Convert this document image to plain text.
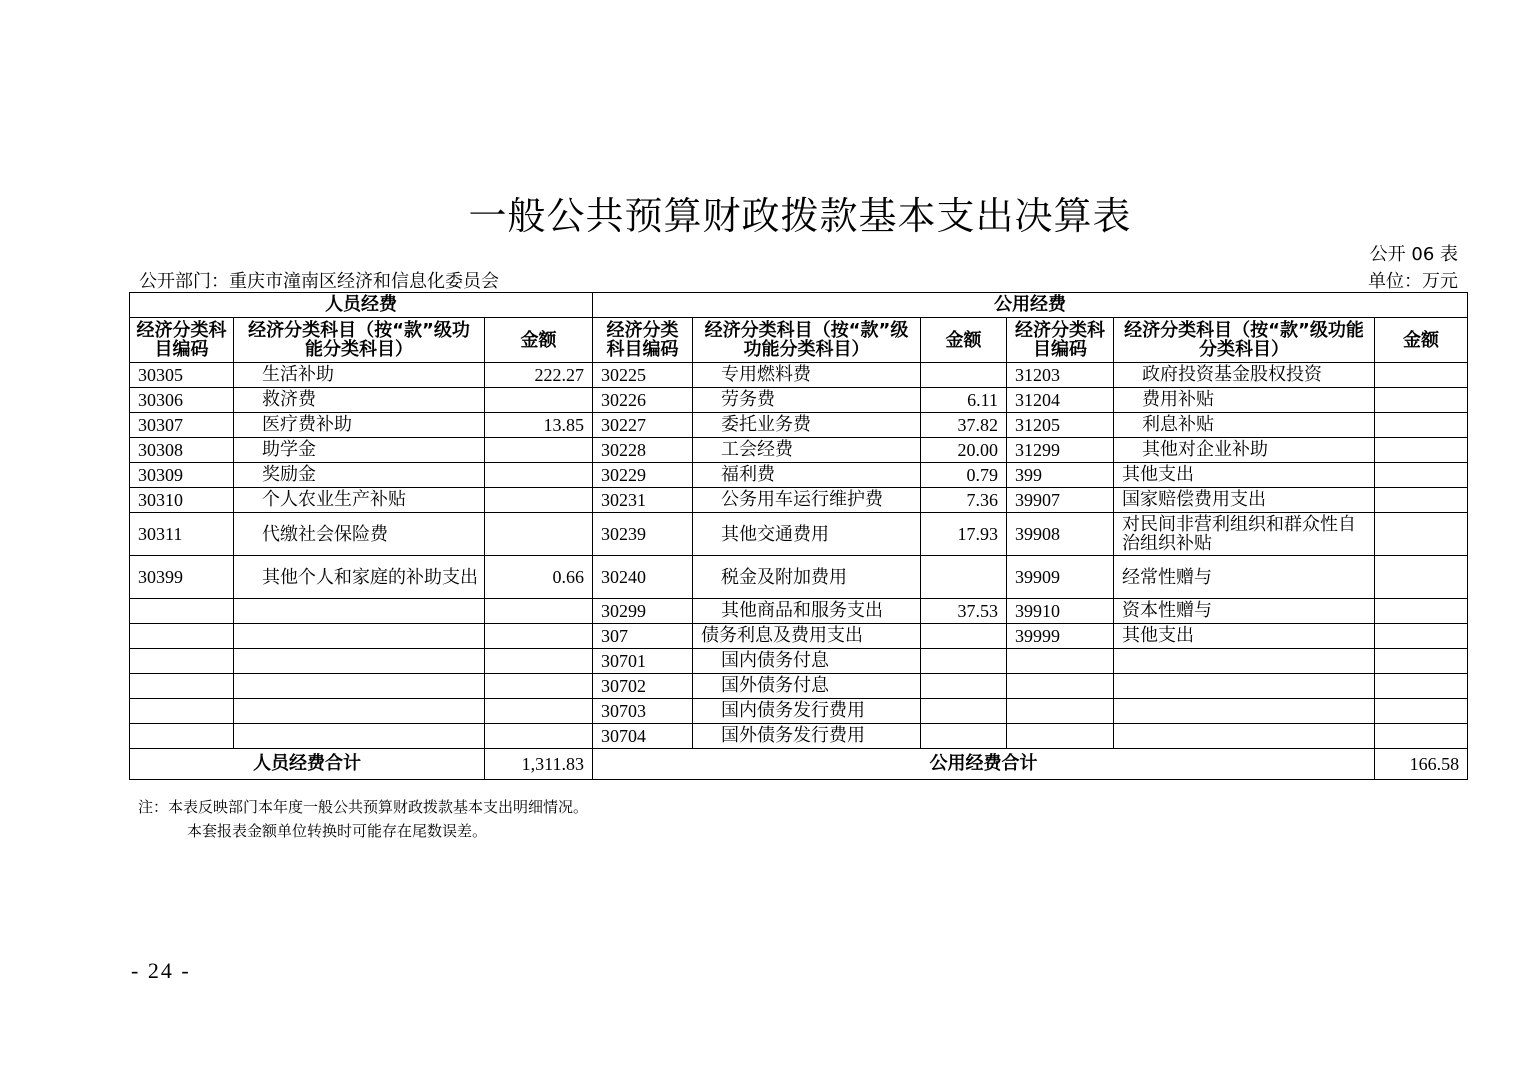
一般公共预算财政拨款基本支出决算表
公开 06 表
公开部门：重庆市潼南区经济和信息化委员会	单位：万元
人员经费			公用经费					
经济分类科目编码	经济分类科目（按“款”级功能分类科目）	金额	经济分类科目编码	经济分类科目（按“款”级功能分类科目）	金额	经济分类科目编码	经济分类科目（按“款”级功能分类科目）	金额
30305	生活补助	222.27	30225	专用燃料费		31203	政府投资基金股权投资	
30306	救济费		30226	劳务费	6.11	31204	费用补贴	
30307	医疗费补助	13.85	30227	委托业务费	37.82	31205	利息补贴	
30308	助学金		30228	工会经费	20.00	31299	其他对企业补助	
30309	奖励金		30229	福利费	0.79	399	其他支出	
30310	个人农业生产补贴		30231	公务用车运行维护费	7.36	39907	国家赔偿费用支出	
30311	代缴社会保险费		30239	其他交通费用	17.93	39908	对民间非营利组织和群众性自治组织补贴	
30399	其他个人和家庭的补助支出	0.66	30240	税金及附加费用		39909	经常性赠与	
			30299	其他商品和服务支出	37.53	39910	资本性赠与	
			307	债务利息及费用支出		39999	其他支出	
			30701	国内债务付息				
			30702	国外债务付息				
			30703	国内债务发行费用				
			30704	国外债务发行费用				
人员经费合计		1,311.83	公用经费合计					166.58
注：本表反映部门本年度一般公共预算财政拨款基本支出明细情况。
本套报表金额单位转换时可能存在尾数误差。
- 24 -
